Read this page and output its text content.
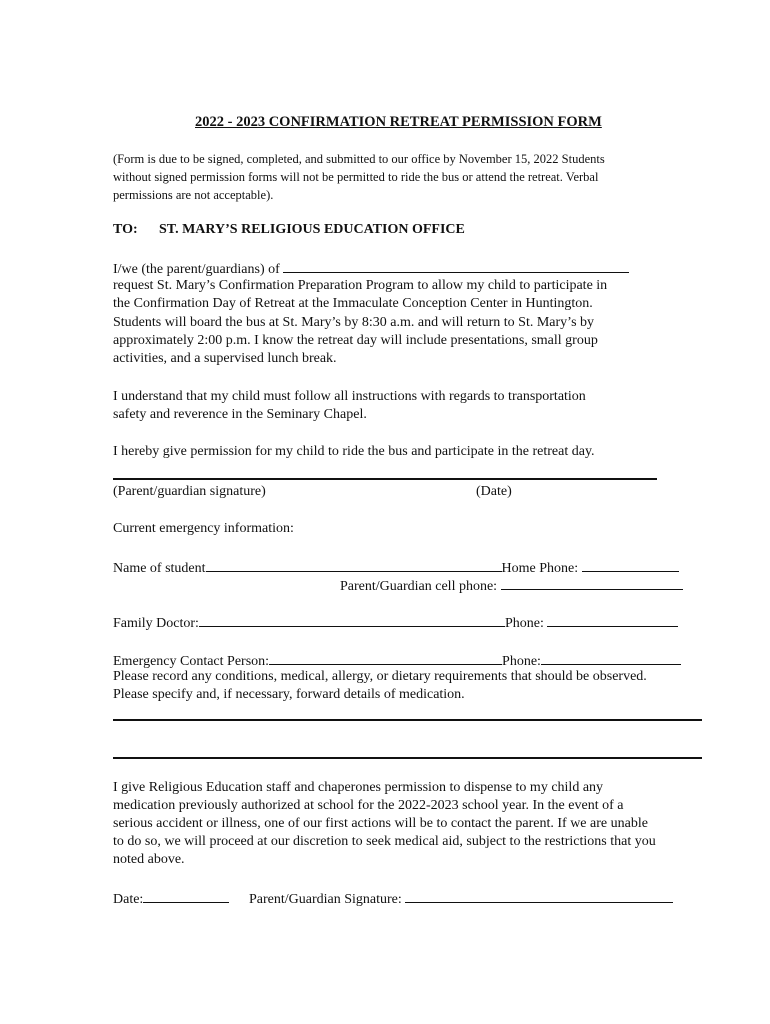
2022 - 2023 CONFIRMATION RETREAT PERMISSION FORM
(Form is due to be signed, completed, and submitted to our office by November 15, 2022 Students
without signed permission forms will not be permitted to ride the bus or attend the retreat. Verbal
permissions are not acceptable).
TO: ST. MARY’S RELIGIOUS EDUCATION OFFICE
I/we (the parent/guardians) of
request St. Mary’s Confirmation Preparation Program to allow my child to participate in
the Confirmation Day of Retreat at the Immaculate Conception Center in Huntington.
Students will board the bus at St. Mary’s by 8:30 a.m. and will return to St. Mary’s by
approximately 2:00 p.m. I know the retreat day will include presentations, small group
activities, and a supervised lunch break.
I understand that my child must follow all instructions with regards to transportation
safety and reverence in the Seminary Chapel.
I hereby give permission for my child to ride the bus and participate in the retreat day.
(Parent/guardian signature)	(Date)
Current emergency information:
Name of student	Home Phone:
Parent/Guardian cell phone:
Family Doctor:	Phone:
Emergency Contact Person:	Phone:
Please record any conditions, medical, allergy, or dietary requirements that should be observed.
Please specify and, if necessary, forward details of medication.
I give Religious Education staff and chaperones permission to dispense to my child any
medication previously authorized at school for the 2022-2023 school year. In the event of a
serious accident or illness, one of our first actions will be to contact the parent. If we are unable
to do so, we will proceed at our discretion to seek medical aid, subject to the restrictions that you
noted above.
Date:	Parent/Guardian Signature:
